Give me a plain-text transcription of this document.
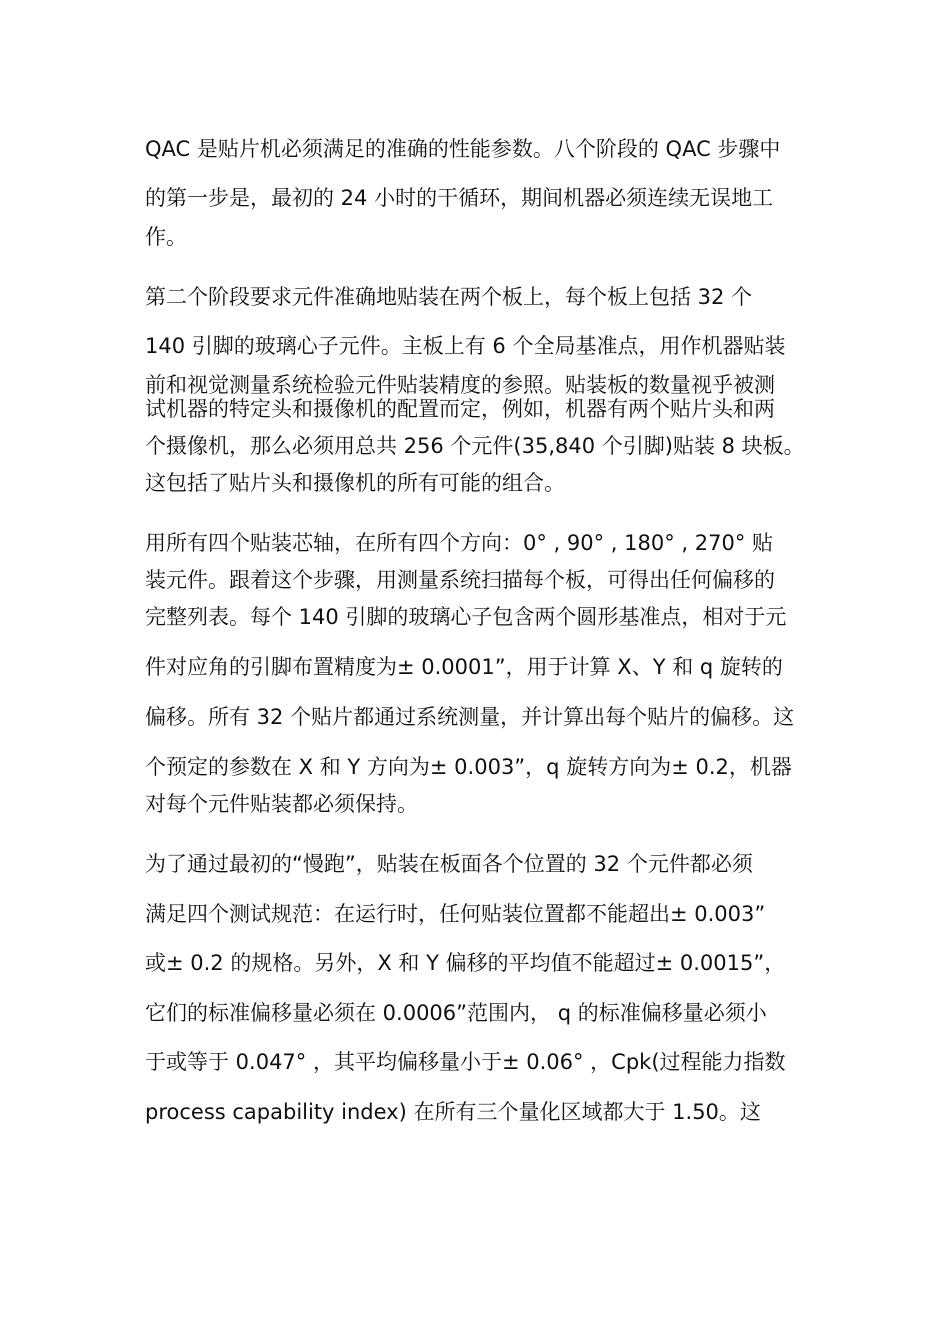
QAC 是贴片机必须满足的准确的性能参数。八个阶段的 QAC 步骤中
的第一步是，最初的 24 小时的干循环，期间机器必须连续无误地工
作。
第二个阶段要求元件准确地贴装在两个板上，每个板上包括 32 个
140 引脚的玻璃心子元件。主板上有 6 个全局基准点，用作机器贴装
前和视觉测量系统检验元件贴装精度的参照。贴装板的数量视乎被测
试机器的特定头和摄像机的配置而定，例如，机器有两个贴片头和两
个摄像机，那么必须用总共 256 个元件(35,840 个引脚)贴装 8 块板。
这包括了贴片头和摄像机的所有可能的组合。
用所有四个贴装芯轴，在所有四个方向：0° , 90° , 180° , 270° 贴
装元件。跟着这个步骤，用测量系统扫描每个板，可得出任何偏移的
完整列表。每个 140 引脚的玻璃心子包含两个圆形基准点，相对于元
件对应角的引脚布置精度为± 0.0001”，用于计算 X、Y 和 q 旋转的
偏移。所有 32 个贴片都通过系统测量，并计算出每个贴片的偏移。这
个预定的参数在 X 和 Y 方向为± 0.003”，q 旋转方向为± 0.2，机器
对每个元件贴装都必须保持。
为了通过最初的“慢跑”，贴装在板面各个位置的 32 个元件都必须
满足四个测试规范：在运行时，任何贴装位置都不能超出± 0.003”
或± 0.2 的规格。另外，X 和 Y 偏移的平均值不能超过± 0.0015”，
它们的标准偏移量必须在 0.0006”范围内， q 的标准偏移量必须小
于或等于 0.047° ，其平均偏移量小于± 0.06° ，Cpk(过程能力指数
process capability index) 在所有三个量化区域都大于 1.50。这
